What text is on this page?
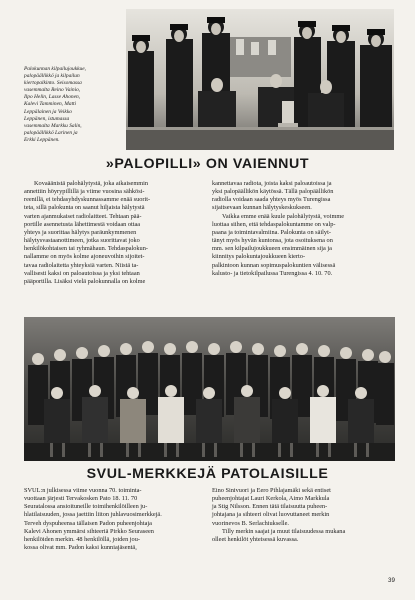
Palokunnan kilpailujoukkue,

palopäällikkö ja kilpailun

kiertopalkinto. Seisomassa

vasemmalta Reino Vainio,

Ilpo Helin, Lasse Ahonen,

Kalevi Tamminen, Matti

Leppälainen ja Veikko

Leppänen, istumassa

vasemmalta Markku Salin,

palopäällikkö Larinen ja

Erkki Leppänen.

»PALOPILLI» ON VAIENNUT

Kovaäänistä palohälytystä, joka aikaisemmin

annettiin höyrypillillä ja viime vuosina sähkösi-

reenillä, ei tehdasyhdyskunnassamme enää suorit-

teta, sillä palokunta on saanut hiljaista hälytystä

varten ajanmukaiset radiolaitteet. Tehtaan pää-

portille asennetusta lähettimestä voidaan ottaa

yhteys ja suorittaa hälytys paräunkymmenen

hälytysvastaanottimeen, jotka suorittavat joko

henkilökohtaisen tai ryhmähaun. Tehdaspalokun-

nallamme on myös kolme ajoneuvoihin sijoitet-

tavaa radiolaitetta yhteyksiä varten. Niistä ta-

vallisesti kaksi on paloautoissa ja yksi tehtaan

pääportilla. Lisäksi vielä palokunnalla on kolme

kannettavaa radiota, joista kaksi paloautoissa ja

yksi palopäällikön käytössä. Tällä palopäällikön

radiolla voidaan saada yhteys myös Turengissa

sijaitsevaan kunnan hälytyskeskukseen.

Vaikka emme enää kuule palohälytystä, voimme

luottaa siihen, että tehdaspalokuntamme on valp-

paana ja toimintavalmiina. Palokunta on säilyt-

tänyt myös hyvän kuntonsa, jota osoituksena on

mm. sen kilpailujoukkueen ensimmäinen sija ja

kiinnitys palokuntajoukkueen kierto-

palkintoon kunnan sopimuspalokuntien välisessä

kalusto- ja tietokilpailussa Turengissa 4. 10. 70.

SVUL-MERKKEJÄ PATOLAISILLE

SVUL:n julkisessa viime vuonna 70. toiminta-

vuottaan järjesti Tervakosken Pato 18. 11. 70

Seuratalossa ansioituneille toimihenkilöilleen ju-

hlatilaisuuden, jossa jaettiin liiton juhlavuosimerkkejä.

Terveh dyspuheensa tällaisen Padon puheenjohtaja

Kalevi Ahonen ymmärsi sihteeriä Pirkko Seuraseen

henkilöiden merkin. 48 henkilöllä, joiden jou-

kossa olivat mm. Padon kaksi kunniajäsentä,

Eino Sinivuori ja Eero Pihlajamäki sekä entiset

puheenjohtajat Lauri Kerkola, Aimo Markkula

ja Stig Nilsson. Ennen tätä tilaisuutta puheen-

johtajana ja sihteeri olivat luovuttaneet merkin

vuorinevos B. Serlachiukselle.

Tilly merkin saajat ja muut tilaisuudessa mukana

olleet henkilöt yhteisessä kuvassa.

39
